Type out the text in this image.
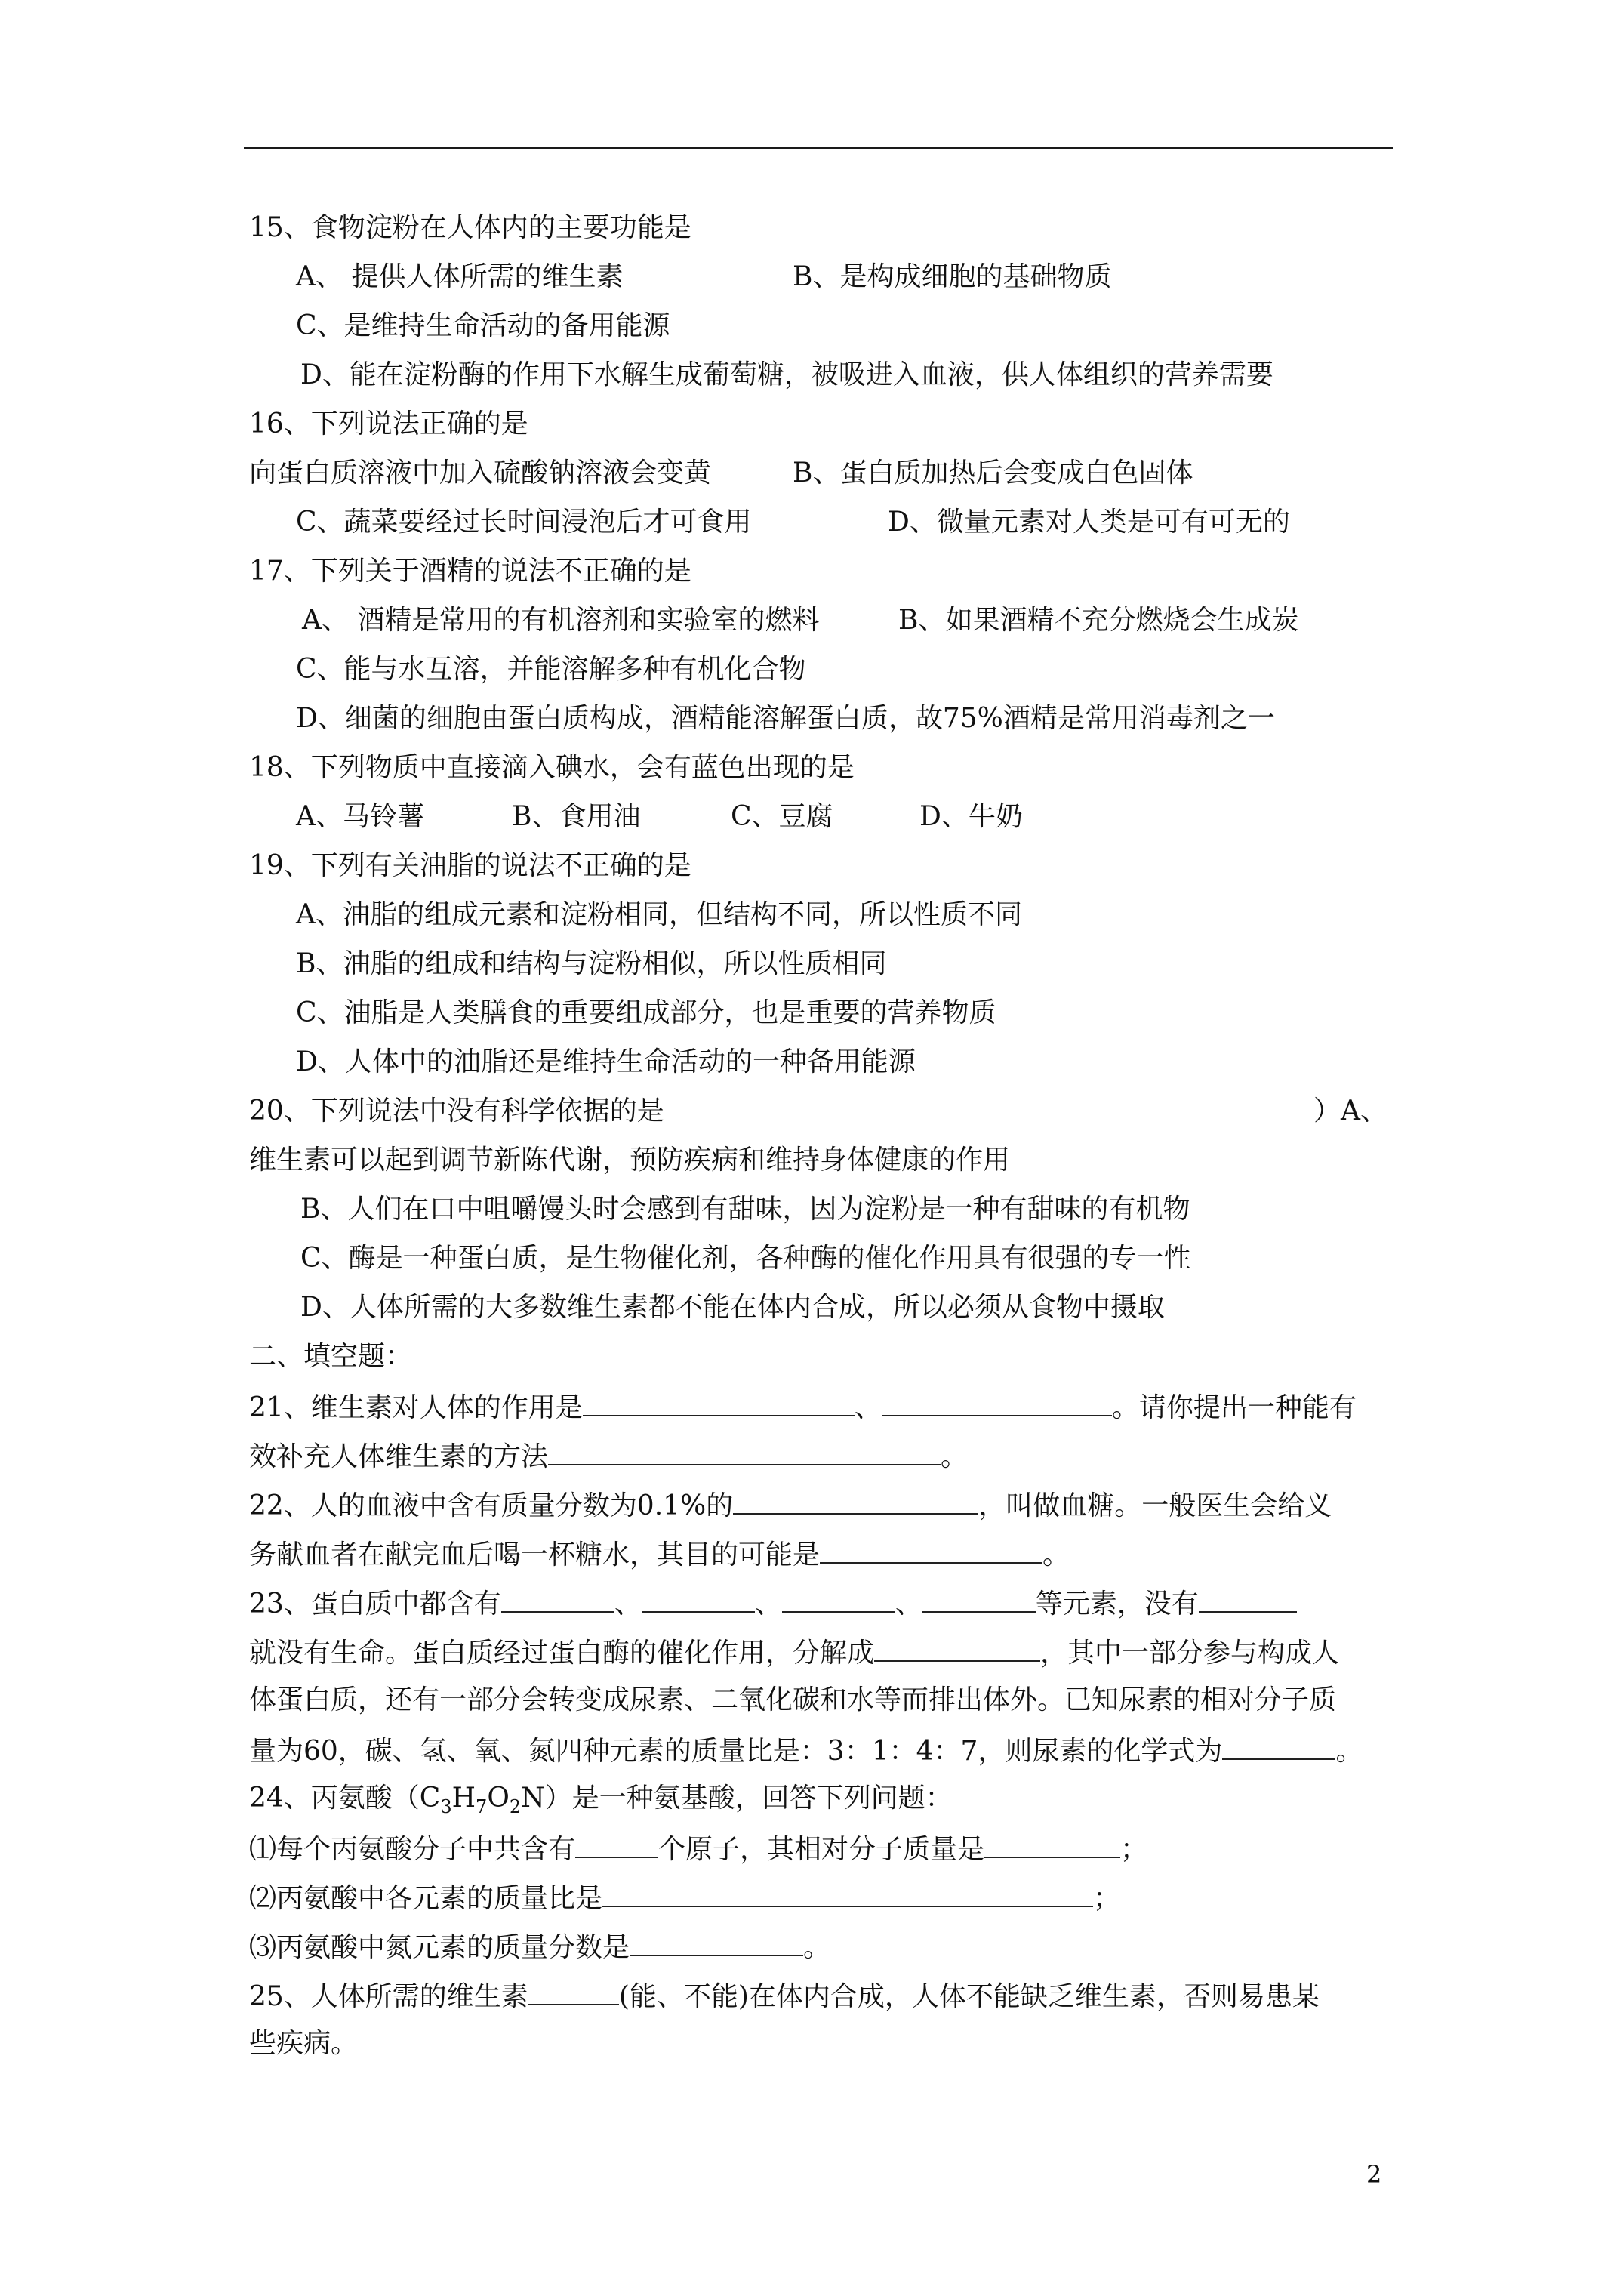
15、食物淀粉在人体内的主要功能是
A、 提供人体所需的维生素	B、是构成细胞的基础物质
C、是维持生命活动的备用能源
D、能在淀粉酶的作用下水解生成葡萄糖，被吸进入血液，供人体组织的营养需要
16、下列说法正确的是
向蛋白质溶液中加入硫酸钠溶液会变黄	B、蛋白质加热后会变成白色固体
C、蔬菜要经过长时间浸泡后才可食用	D、微量元素对人类是可有可无的
17、下列关于酒精的说法不正确的是
A、 酒精是常用的有机溶剂和实验室的燃料	B、如果酒精不充分燃烧会生成炭
C、能与水互溶，并能溶解多种有机化合物
D、细菌的细胞由蛋白质构成，酒精能溶解蛋白质，故75%酒精是常用消毒剂之一
18、下列物质中直接滴入碘水，会有蓝色出现的是
A、马铃薯	B、食用油	C、豆腐	D、牛奶
19、下列有关油脂的说法不正确的是
A、油脂的组成元素和淀粉相同，但结构不同，所以性质不同
B、油脂的组成和结构与淀粉相似，所以性质相同
C、油脂是人类膳食的重要组成部分，也是重要的营养物质
D、人体中的油脂还是维持生命活动的一种备用能源
20、下列说法中没有科学依据的是	）A、
维生素可以起到调节新陈代谢，预防疾病和维持身体健康的作用
B、人们在口中咀嚼馒头时会感到有甜味，因为淀粉是一种有甜味的有机物
C、酶是一种蛋白质，是生物催化剂，各种酶的催化作用具有很强的专一性
D、人体所需的大多数维生素都不能在体内合成，所以必须从食物中摄取
二、填空题：
21、维生素对人体的作用是	、	。请你提出一种能有
效补充人体维生素的方法	。
22、人的血液中含有质量分数为0.1%的	，叫做血糖。一般医生会给义
务献血者在献完血后喝一杯糖水，其目的可能是	。
23、蛋白质中都含有	、	、	、	等元素，没有
就没有生命。蛋白质经过蛋白酶的催化作用，分解成	，其中一部分参与构成人
体蛋白质，还有一部分会转变成尿素、二氧化碳和水等而排出体外。已知尿素的相对分子质
量为60，碳、氢、氧、氮四种元素的质量比是：3：1：4：7，则尿素的化学式为	。
24、丙氨酸$(C_3H_7O_2N)$是一种氨基酸，回答下列问题：
⑴每个丙氨酸分子中共含有	个原子，其相对分子质量是	；
⑵丙氨酸中各元素的质量比是	；
⑶丙氨酸中氮元素的质量分数是	。
25、人体所需的维生素	(能、不能)在体内合成，人体不能缺乏维生素，否则易患某
些疾病。
2
